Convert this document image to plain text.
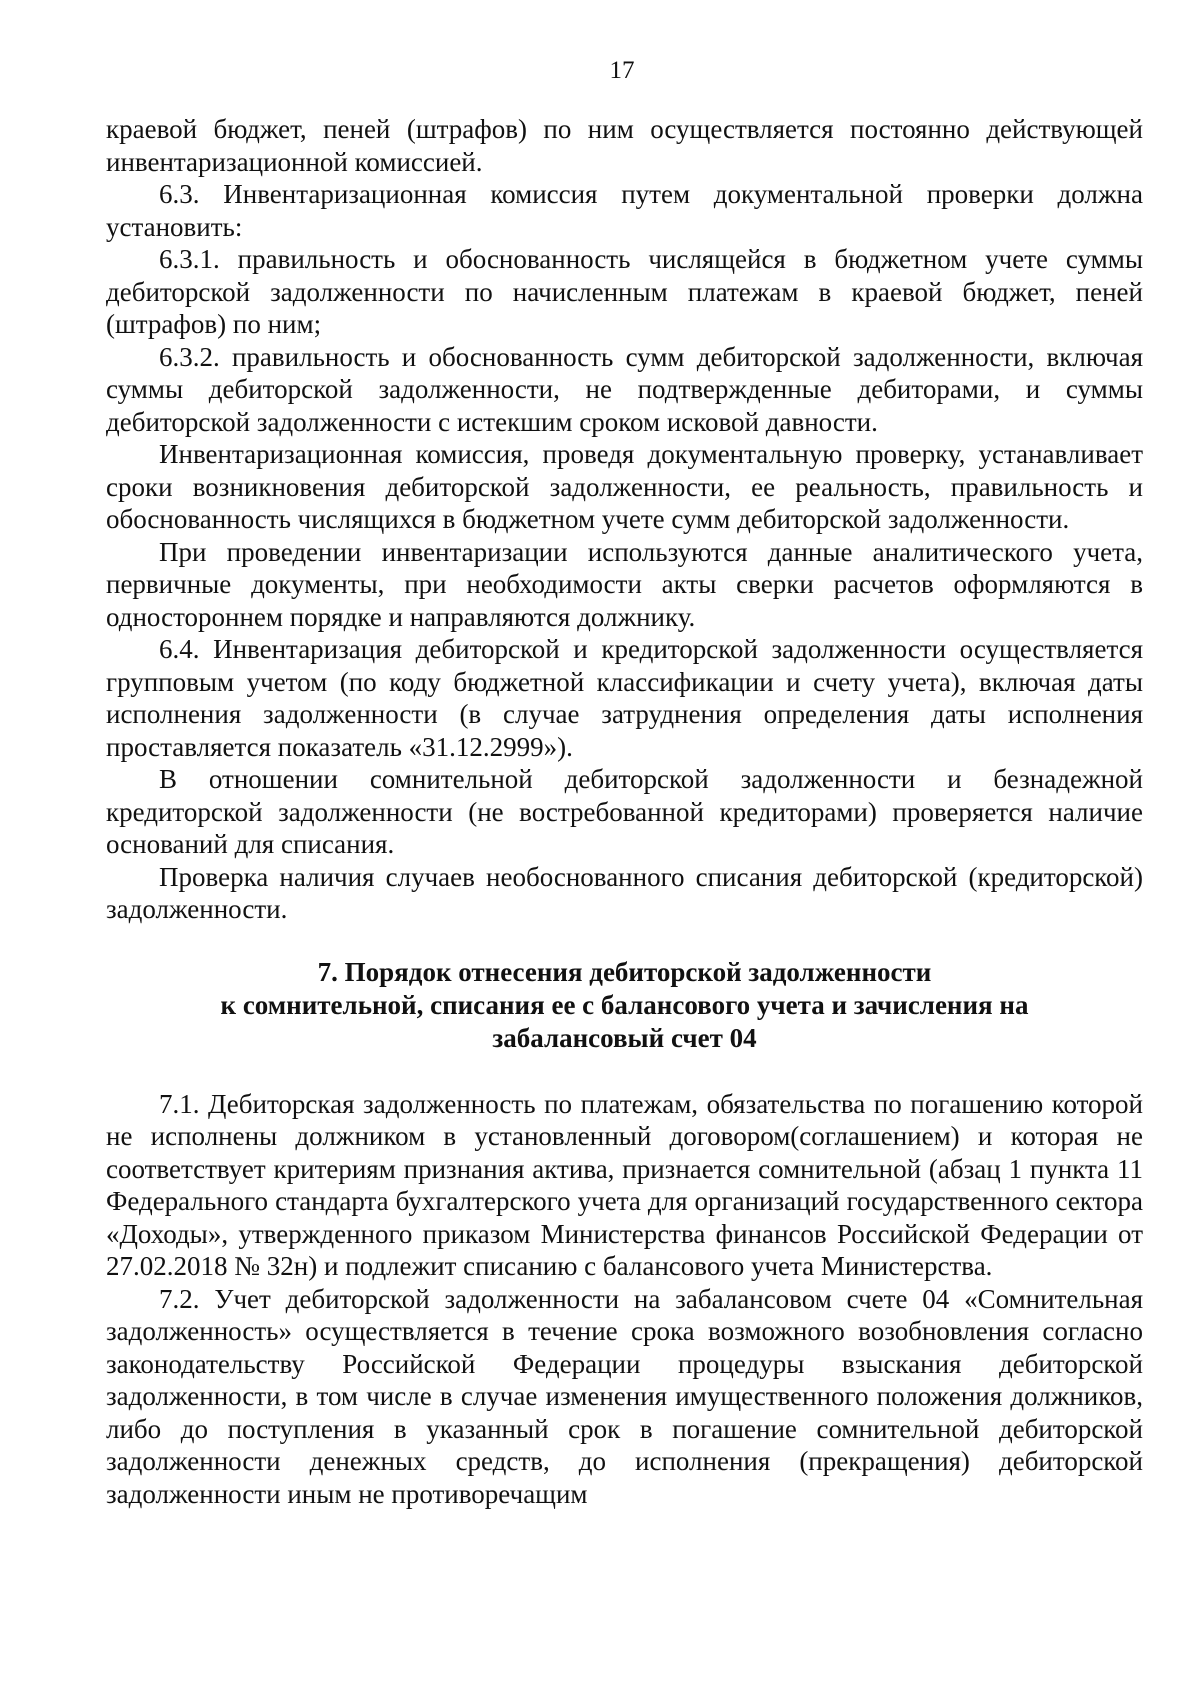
17

краевой бюджет, пеней (штрафов) по ним осуществляется постоянно действующей инвентаризационной комиссией.

6.3. Инвентаризационная комиссия путем документальной проверки должна установить:

6.3.1. правильность и обоснованность числящейся в бюджетном учете суммы дебиторской задолженности по начисленным платежам в краевой бюджет, пеней (штрафов) по ним;

6.3.2. правильность и обоснованность сумм дебиторской задолженности, включая суммы дебиторской задолженности, не подтвержденные дебиторами, и суммы дебиторской задолженности с истекшим сроком исковой давности.

Инвентаризационная комиссия, проведя документальную проверку, устанавливает сроки возникновения дебиторской задолженности, ее реальность, правильность и обоснованность числящихся в бюджетном учете сумм дебиторской задолженности.

При проведении инвентаризации используются данные аналитического учета, первичные документы, при необходимости акты сверки расчетов оформляются в одностороннем порядке и направляются должнику.

6.4. Инвентаризация дебиторской и кредиторской задолженности осуществляется групповым учетом (по коду бюджетной классификации и счету учета), включая даты исполнения задолженности (в случае затруднения определения даты исполнения проставляется показатель «31.12.2999»).

В отношении сомнительной дебиторской задолженности и безнадежной кредиторской задолженности (не востребованной кредиторами) проверяется наличие оснований для списания.

Проверка наличия случаев необоснованного списания дебиторской (кредиторской) задолженности.

7. Порядок отнесения дебиторской задолженности
к сомнительной, списания ее с балансового учета и зачисления на
забалансовый счет 04

7.1. Дебиторская задолженность по платежам, обязательства по погашению которой не исполнены должником в установленный договором(соглашением) и которая не соответствует критериям признания актива, признается сомнительной (абзац 1 пункта 11 Федерального стандарта бухгалтерского учета для организаций государственного сектора «Доходы», утвержденного приказом Министерства финансов Российской Федерации от 27.02.2018 № 32н) и подлежит списанию с балансового учета Министерства.

7.2. Учет дебиторской задолженности на забалансовом счете 04 «Сомнительная задолженность» осуществляется в течение срока возможного возобновления согласно законодательству Российской Федерации процедуры взыскания дебиторской задолженности, в том числе в случае изменения имущественного положения должников, либо до поступления в указанный срок в погашение сомнительной дебиторской задолженности денежных средств, до исполнения (прекращения) дебиторской задолженности иным не противоречащим
